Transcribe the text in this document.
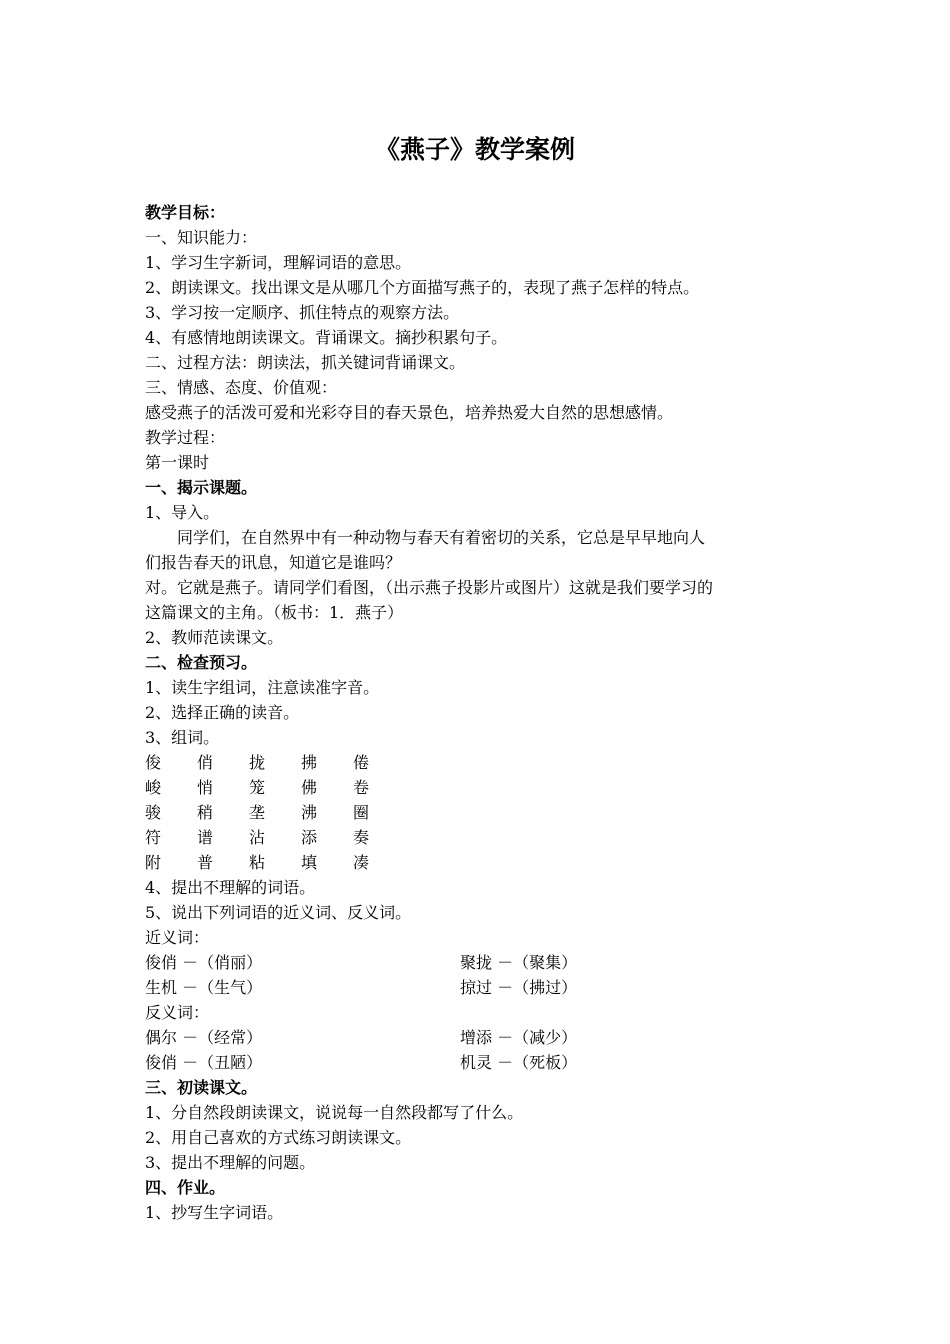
《燕子》教学案例
教学目标：
一、知识能力：
1、学习生字新词，理解词语的意思。
2、朗读课文。找出课文是从哪几个方面描写燕子的，表现了燕子怎样的特点。
3、学习按一定顺序、抓住特点的观察方法。
4、有感情地朗读课文。背诵课文。摘抄积累句子。
二、过程方法：朗读法，抓关键词背诵课文。
三、情感、态度、价值观：
感受燕子的活泼可爱和光彩夺目的春天景色，培养热爱大自然的思想感情。
教学过程：
第一课时
一、揭示课题。
1、导入。
同学们，在自然界中有一种动物与春天有着密切的关系，它总是早早地向人
们报告春天的讯息，知道它是谁吗？
对。它就是燕子。请同学们看图，（出示燕子投影片或图片）这就是我们要学习的
这篇课文的主角。（板书：1．燕子）
2、教师范读课文。
二、检查预习。
1、读生字组词，注意读准字音。
2、选择正确的读音。
3、组词。
俊	俏	拢	拂	倦
峻	悄	笼	佛	卷
骏	稍	垄	沸	圈
符	谱	沾	添	奏
附	普	粘	填	凑
4、提出不理解的词语。
5、说出下列词语的近义词、反义词。
近义词：
俊俏 －（俏丽）	聚拢 －（聚集）
生机 －（生气）	掠过 －（拂过）
反义词：
偶尔 －（经常）	增添 －（减少）
俊俏 －（丑陋）	机灵 －（死板）
三、初读课文。
1、分自然段朗读课文，说说每一自然段都写了什么。
2、用自己喜欢的方式练习朗读课文。
3、提出不理解的问题。
四、作业。
1、抄写生字词语。
